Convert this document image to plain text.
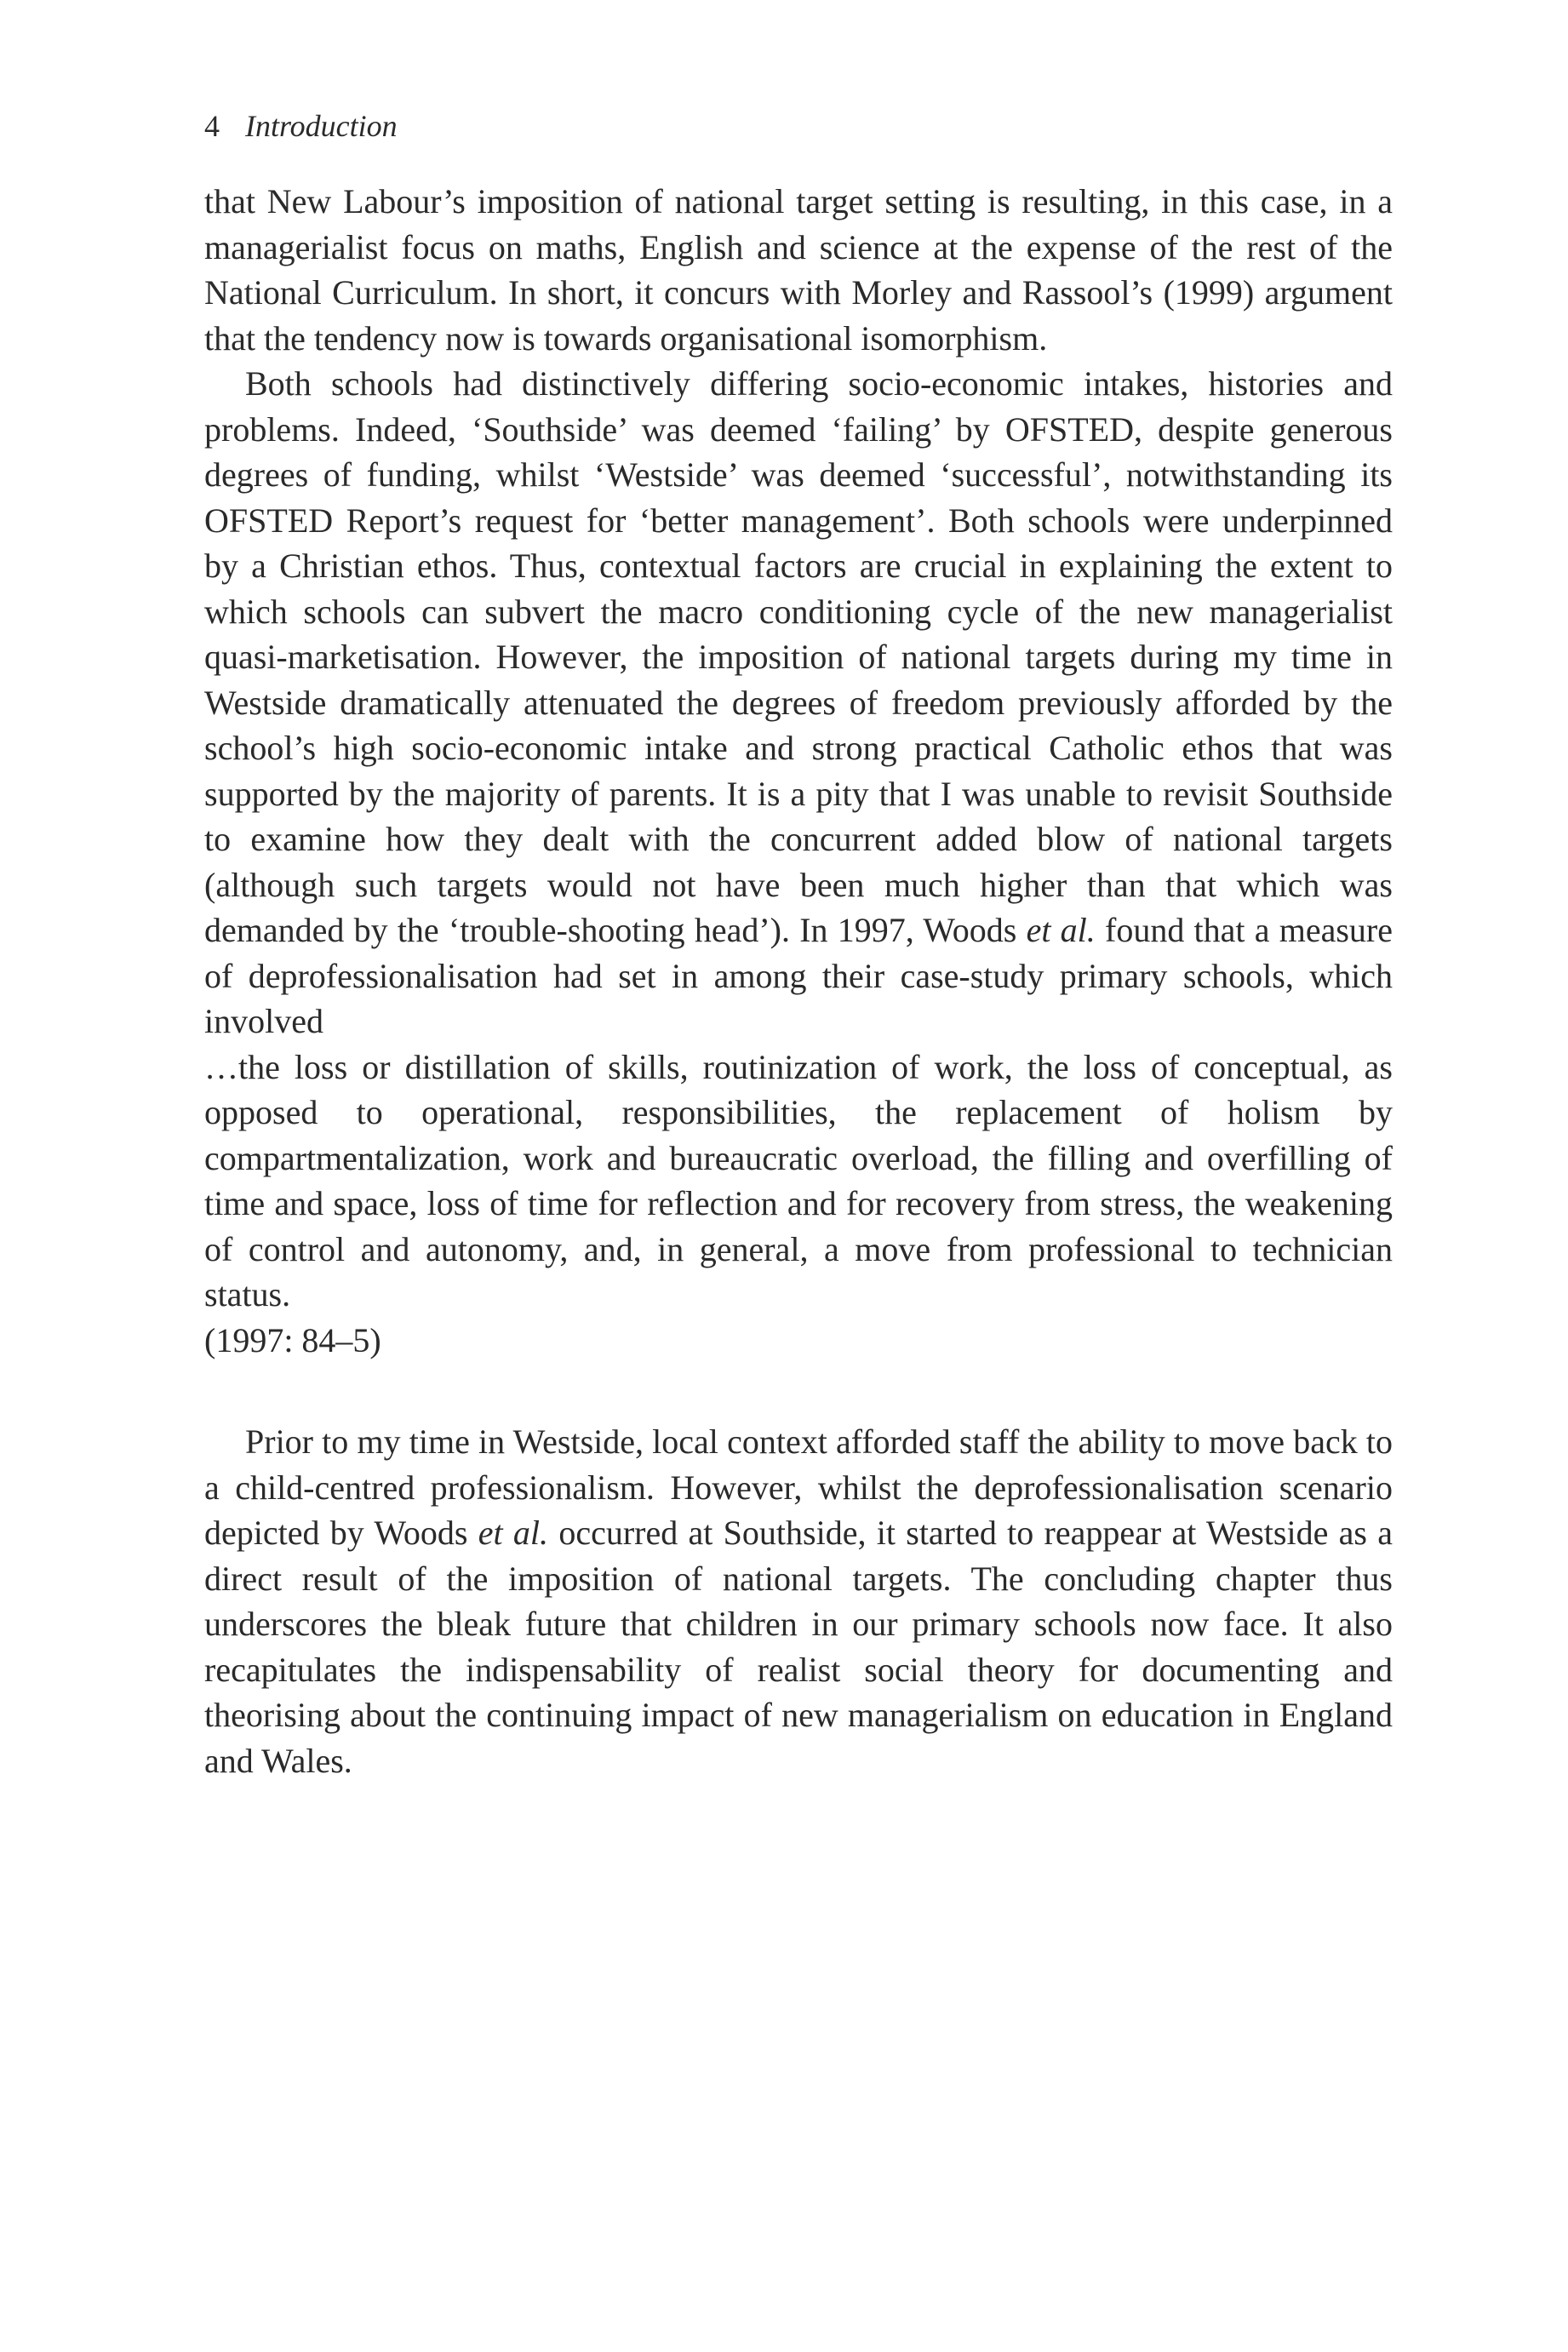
4 Introduction

that New Labour’s imposition of national target setting is resulting, in this case, in a managerialist focus on maths, English and science at the expense of the rest of the National Curriculum. In short, it concurs with Morley and Rassool’s (1999) argument that the tendency now is towards organisational isomorphism.

Both schools had distinctively differing socio-economic intakes, histories and problems. Indeed, ‘Southside’ was deemed ‘failing’ by OFSTED, despite generous degrees of funding, whilst ‘Westside’ was deemed ‘successful’, notwithstanding its OFSTED Report’s request for ‘better management’. Both schools were underpinned by a Christian ethos. Thus, contextual factors are crucial in explaining the extent to which schools can subvert the macro conditioning cycle of the new managerialist quasi-marketisation. However, the imposition of national targets during my time in Westside dramatically attenuated the degrees of freedom previously afforded by the school’s high socio-economic intake and strong practical Catholic ethos that was supported by the majority of parents. It is a pity that I was unable to revisit Southside to examine how they dealt with the concurrent added blow of national targets (although such targets would not have been much higher than that which was demanded by the ‘trouble-shooting head’). In 1997, Woods et al. found that a measure of deprofessionalisation had set in among their case-study primary schools, which involved

…the loss or distillation of skills, routinization of work, the loss of conceptual, as opposed to operational, responsibilities, the replacement of holism by compartmentalization, work and bureaucratic overload, the filling and overfilling of time and space, loss of time for reflection and for recovery from stress, the weakening of control and autonomy, and, in general, a move from professional to technician status.

(1997: 84–5)

Prior to my time in Westside, local context afforded staff the ability to move back to a child-centred professionalism. However, whilst the deprofessionalisation scenario depicted by Woods et al. occurred at Southside, it started to reappear at Westside as a direct result of the imposition of national targets. The concluding chapter thus underscores the bleak future that children in our primary schools now face. It also recapitulates the indispensability of realist social theory for documenting and theorising about the continuing impact of new managerialism on education in England and Wales.
